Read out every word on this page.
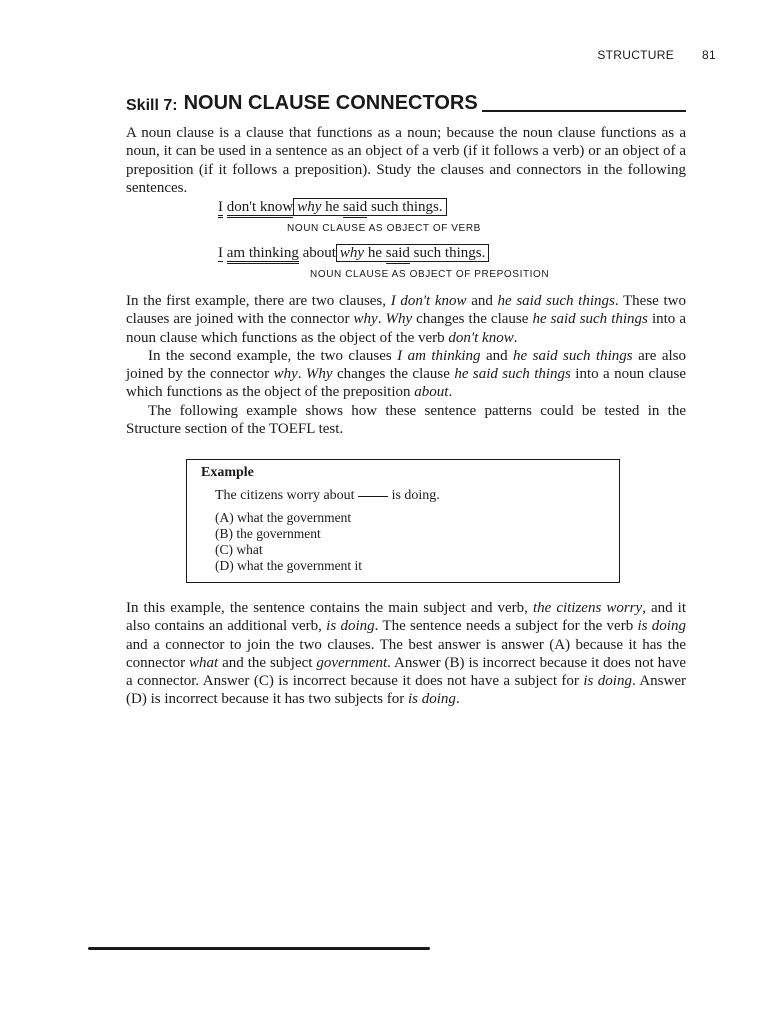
STRUCTURE 81
Skill 7: NOUN CLAUSE CONNECTORS

A noun clause is a clause that functions as a noun; because the noun clause functions as a noun, it can be used in a sentence as an object of a verb (if it follows a verb) or an object of a preposition (if it follows a preposition). Study the clauses and connectors in the following sentences.

I don't know why he said such things.
NOUN CLAUSE AS OBJECT OF VERB
I am thinking about why he said such things.
NOUN CLAUSE AS OBJECT OF PREPOSITION

In the first example, there are two clauses, I don't know and he said such things. These two clauses are joined with the connector why. Why changes the clause he said such things into a noun clause which functions as the object of the verb don't know.

In the second example, the two clauses I am thinking and he said such things are also joined by the connector why. Why changes the clause he said such things into a noun clause which functions as the object of the preposition about.

The following example shows how these sentence patterns could be tested in the Structure section of the TOEFL test.

Example
The citizens worry about	is doing.
(A) what the government
(B) the government
(C) what
(D) what the government it

In this example, the sentence contains the main subject and verb, the citizens worry, and it also contains an additional verb, is doing. The sentence needs a subject for the verb is doing and a connector to join the two clauses. The best answer is answer (A) because it has the connector what and the subject government. Answer (B) is incorrect because it does not have a connector. Answer (C) is incorrect because it does not have a subject for is doing. Answer (D) is incorrect because it has two subjects for is doing.
